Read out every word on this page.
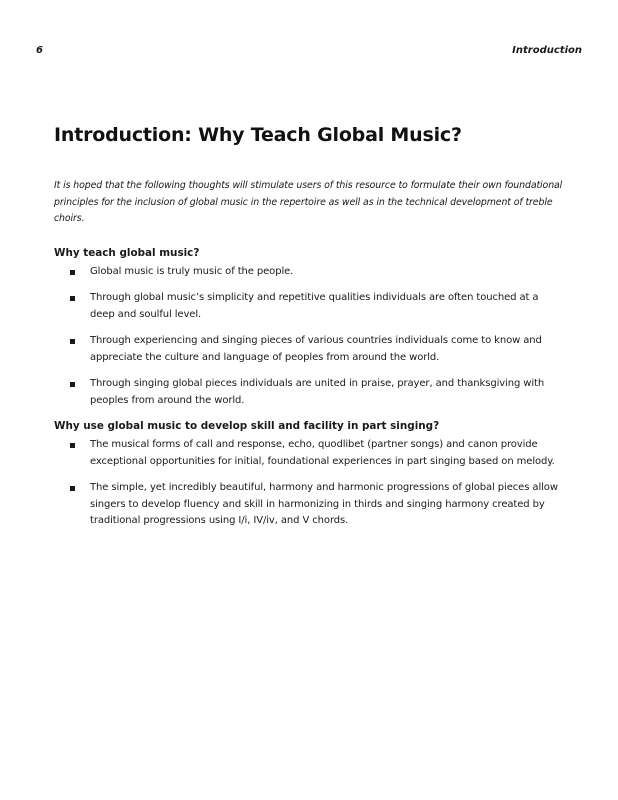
6	Introduction
Introduction: Why Teach Global Music?

It is hoped that the following thoughts will stimulate users of this resource to formulate their own foundational principles for the inclusion of global music in the repertoire as well as in the technical development of treble choirs.

Why teach global music?
Global music is truly music of the people.
Through global music’s simplicity and repetitive qualities individuals are often touched at a deep and soulful level.
Through experiencing and singing pieces of various countries individuals come to know and appreciate the culture and language of peoples from around the world.
Through singing global pieces individuals are united in praise, prayer, and thanksgiving with peoples from around the world.
Why use global music to develop skill and facility in part singing?
The musical forms of call and response, echo, quodlibet (partner songs) and canon provide exceptional opportunities for initial, foundational experiences in part singing based on melody.
The simple, yet incredibly beautiful, harmony and harmonic progressions of global pieces allow singers to develop fluency and skill in harmonizing in thirds and singing harmony created by traditional progressions using I/i, IV/iv, and V chords.
